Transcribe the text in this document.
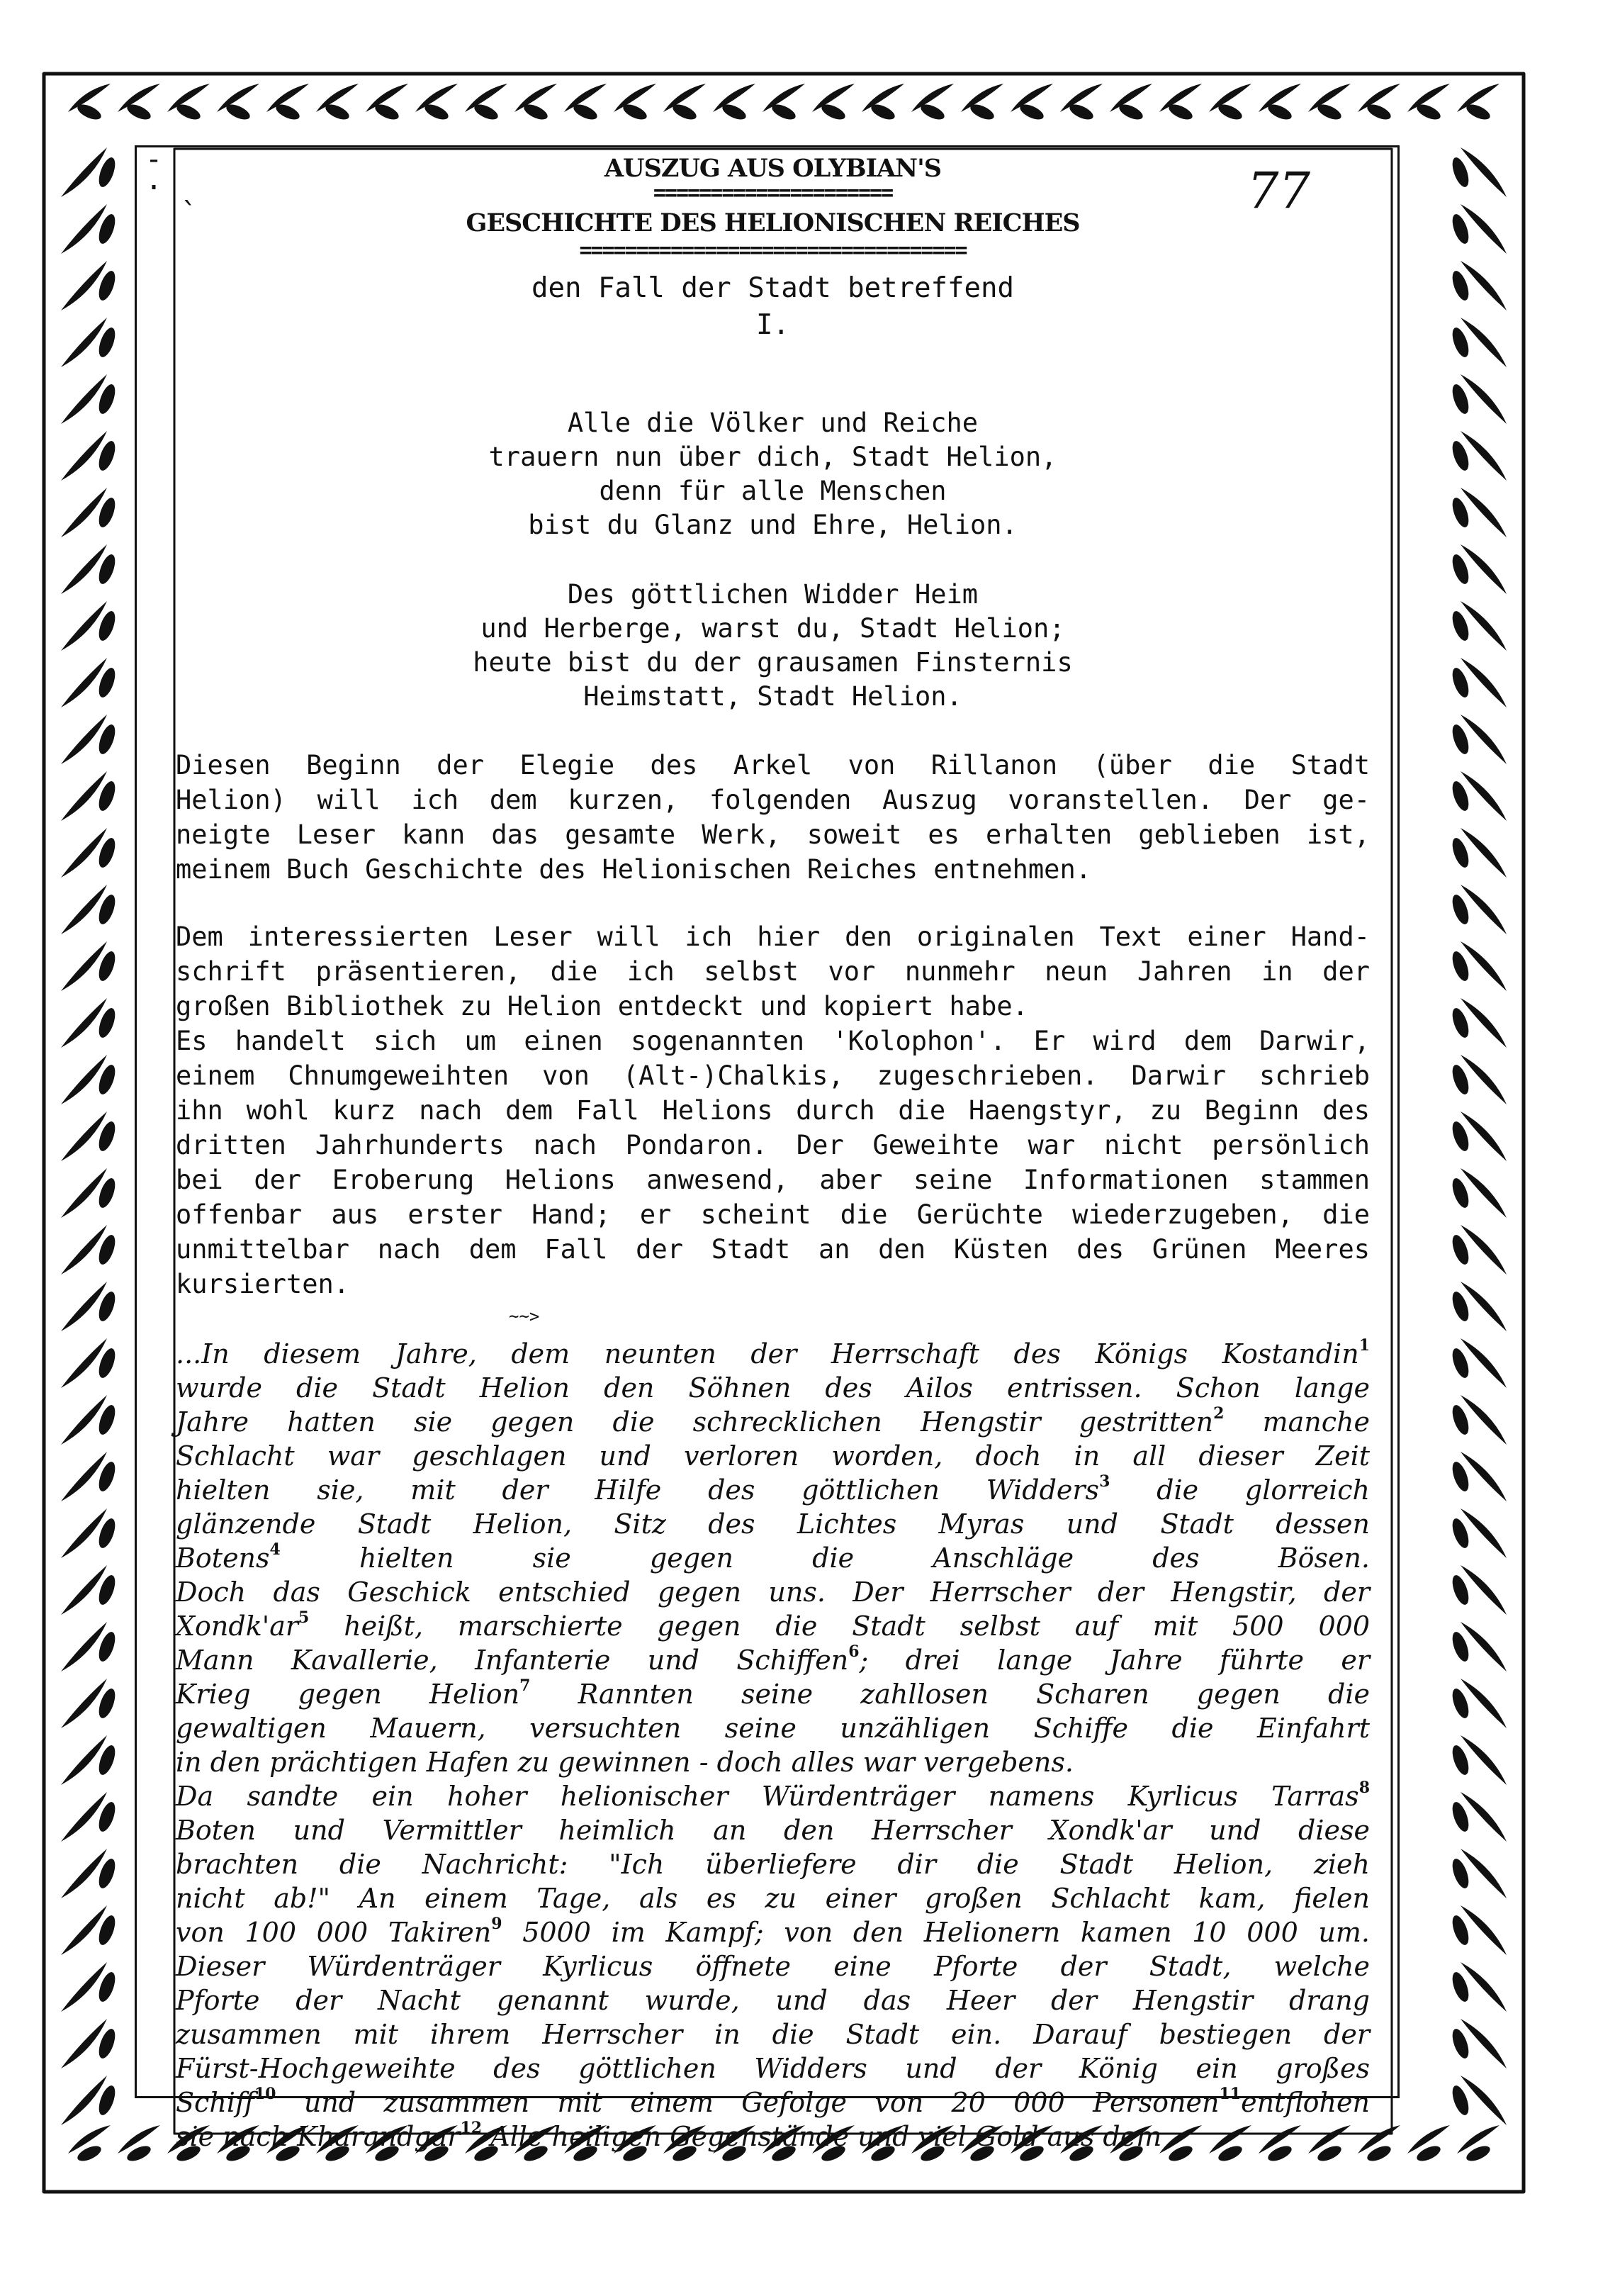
-
· ˎ	77
AUSZUG AUS OLYBIAN'S
=====================
GESCHICHTE DES HELIONISCHEN REICHES
==================================
den Fall der Stadt betreffend
I.
Alle die Völker und Reiche
trauern nun über dich, Stadt Helion,
denn für alle Menschen
bist du Glanz und Ehre, Helion.
Des göttlichen Widder Heim
und Herberge, warst du, Stadt Helion;
heute bist du der grausamen Finsternis
Heimstatt, Stadt Helion.
Diesen Beginn der Elegie des Arkel von Rillanon (über die Stadt
Helion) will ich dem kurzen, folgenden Auszug voranstellen. Der ge-
neigte Leser kann das gesamte Werk, soweit es erhalten geblieben ist,
meinem Buch Geschichte des Helionischen Reiches entnehmen.
Dem interessierten Leser will ich hier den originalen Text einer Hand-
schrift präsentieren, die ich selbst vor nunmehr neun Jahren in der
großen Bibliothek zu Helion entdeckt und kopiert habe.
Es handelt sich um einen sogenannten 'Kolophon'. Er wird dem Darwir,
einem Chnumgeweihten von (Alt-)Chalkis, zugeschrieben. Darwir schrieb
ihn wohl kurz nach dem Fall Helions durch die Haengstyr, zu Beginn des
dritten Jahrhunderts nach Pondaron. Der Geweihte war nicht persönlich
bei der Eroberung Helions anwesend, aber seine Informationen stammen
offenbar aus erster Hand; er scheint die Gerüchte wiederzugeben, die
unmittelbar nach dem Fall der Stadt an den Küsten des Grünen Meeres
kursierten.
~~>
...In diesem Jahre, dem neunten der Herrschaft des Königs Kostandin$^1$
wurde die Stadt Helion den Söhnen des Ailos entrissen. Schon lange
Jahre hatten sie gegen die schrecklichen Hengstir gestritten$^2$ manche
Schlacht war geschlagen und verloren worden, doch in all dieser Zeit
hielten sie, mit der Hilfe des göttlichen Widders$^3$ die glorreich
glänzende Stadt Helion, Sitz des Lichtes Myras und Stadt dessen
Botens$^4$ hielten sie gegen die Anschläge des Bösen.
Doch das Geschick entschied gegen uns. Der Herrscher der Hengstir, der
$Xondk'ar^5$ heißt, marschierte gegen die Stadt selbst auf mit 500 000
Mann Kavallerie, Infanterie und Schiffen$^6$; drei lange Jahre führte er
Krieg gegen Helion$^7$ Rannten seine zahllosen Scharen gegen die
gewaltigen Mauern, versuchten seine unzähligen Schiffe die Einfahrt
in den prächtigen Hafen zu gewinnen - doch alles war vergebens.
Da sandte ein hoher helionischer Würdenträger namens Kyrlicus Tarras$^8$
Boten und Vermittler heimlich an den Herrscher Xondk'ar und diese
brachten die Nachricht: "Ich überliefere dir die Stadt Helion, zieh
nicht ab!" An einem Tage, als es zu einer großen Schlacht kam, fielen
von 100 000 Takiren$^9$ 5000 im Kampf; von den Helionern kamen 10 000 um.
Dieser Würdenträger Kyrlicus öffnete eine Pforte der Stadt, welche
Pforte der Nacht genannt wurde, und das Heer der Hengstir drang
zusammen mit ihrem Herrscher in die Stadt ein. Darauf bestiegen der
Fürst-Hochgeweihte des göttlichen Widders und der König ein großes
Schiff$^{10}$ und zusammen mit einem Gefolge von 20 000 Personen$^{11}$entflohen
sie nach Kharandgar$^{12}$ Alle heiligen Gegenstände und viel Gold aus dem
